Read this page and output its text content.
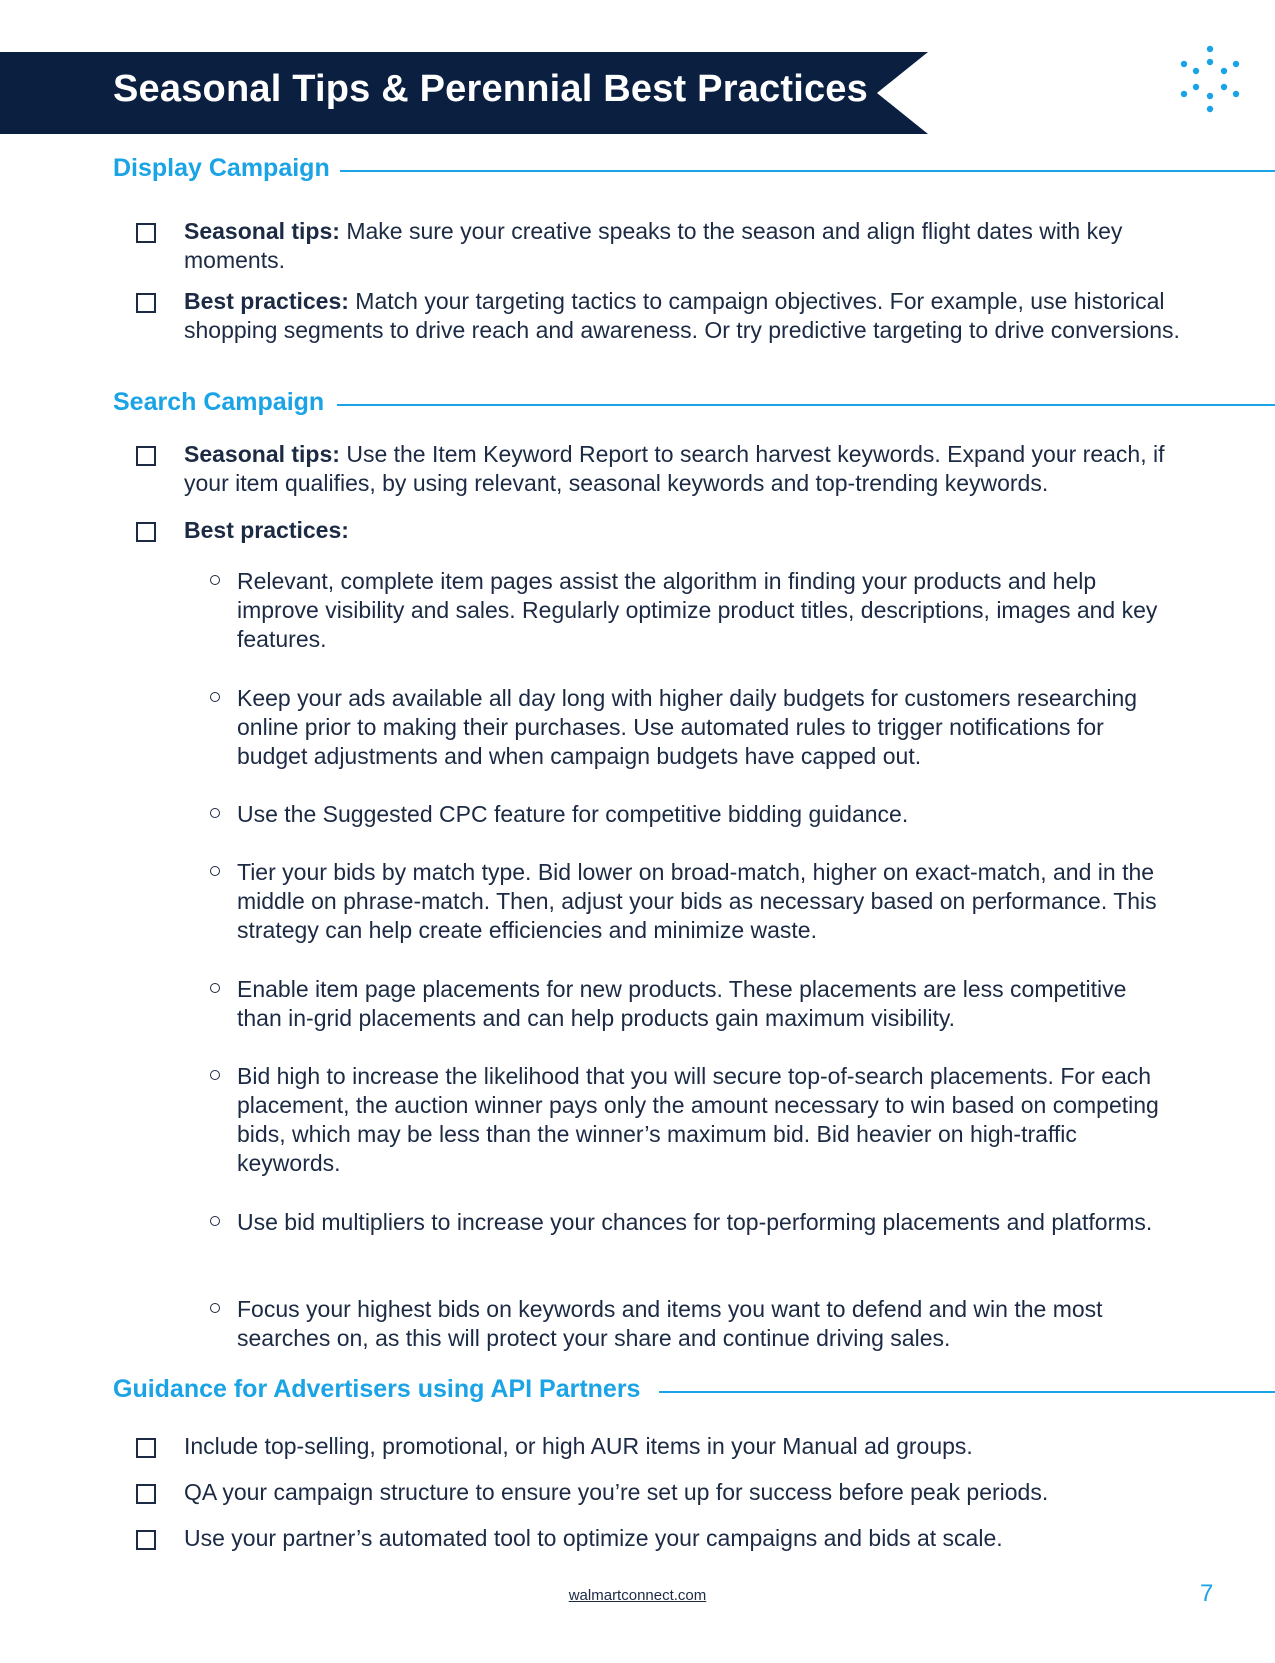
Seasonal Tips & Perennial Best Practices
Display Campaign
Seasonal tips: Make sure your creative speaks to the season and align flight dates with key moments.
Best practices: Match your targeting tactics to campaign objectives. For example, use historical shopping segments to drive reach and awareness. Or try predictive targeting to drive conversions.
Search Campaign
Seasonal tips: Use the Item Keyword Report to search harvest keywords. Expand your reach, if your item qualifies, by using relevant, seasonal keywords and top-trending keywords.
Best practices:
Relevant, complete item pages assist the algorithm in finding your products and help improve visibility and sales. Regularly optimize product titles, descriptions, images and key features.
Keep your ads available all day long with higher daily budgets for customers researching online prior to making their purchases. Use automated rules to trigger notifications for budget adjustments and when campaign budgets have capped out.
Use the Suggested CPC feature for competitive bidding guidance.
Tier your bids by match type. Bid lower on broad-match, higher on exact-match, and in the middle on phrase-match. Then, adjust your bids as necessary based on performance. This strategy can help create efficiencies and minimize waste.
Enable item page placements for new products. These placements are less competitive than in-grid placements and can help products gain maximum visibility.
Bid high to increase the likelihood that you will secure top-of-search placements. For each placement, the auction winner pays only the amount necessary to win based on competing bids, which may be less than the winner’s maximum bid. Bid heavier on high-traffic keywords.
Use bid multipliers to increase your chances for top-performing placements and platforms.
Focus your highest bids on keywords and items you want to defend and win the most searches on, as this will protect your share and continue driving sales.
Guidance for Advertisers using API Partners
Include top-selling, promotional, or high AUR items in your Manual ad groups.
QA your campaign structure to ensure you’re set up for success before peak periods.
Use your partner’s automated tool to optimize your campaigns and bids at scale.
walmartconnect.com	7
